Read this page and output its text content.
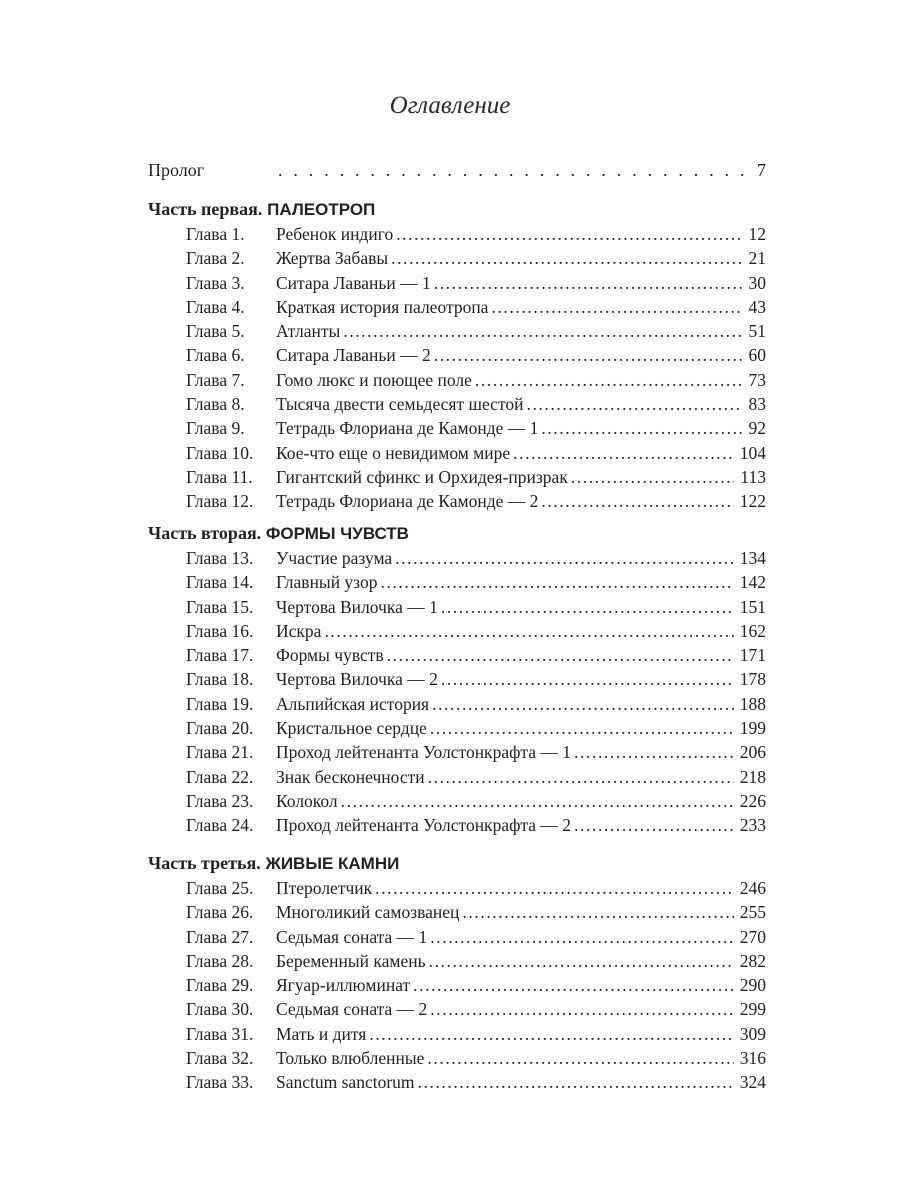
Оглавление
Пролог . . .	7
Часть первая. ПАЛЕОТРОП
Глава 1.	Ребенок индиго .....	12
Глава 2.	Жертва Забавы .....	21
Глава 3.	Ситара Лаваньи — 1 .....	30
Глава 4.	Краткая история палеотропа .....	43
Глава 5.	Атланты .....	51
Глава 6.	Ситара Лаваньи — 2 .....	60
Глава 7.	Гомо люкс и поющее поле .....	73
Глава 8.	Тысяча двести семьдесят шестой .....	83
Глава 9.	Тетрадь Флориана де Камонде — 1 .....	92
Глава 10.	Кое-что еще о невидимом мире .....	104
Глава 11.	Гигантский сфинкс и Орхидея-призрак .....	113
Глава 12.	Тетрадь Флориана де Камонде — 2 .....	122
Часть вторая. ФОРМЫ ЧУВСТВ
Глава 13.	Участие разума .....	134
Глава 14.	Главный узор .....	142
Глава 15.	Чертова Вилочка — 1 .....	151
Глава 16.	Искра .....	162
Глава 17.	Формы чувств .....	171
Глава 18.	Чертова Вилочка — 2 .....	178
Глава 19.	Альпийская история .....	188
Глава 20.	Кристальное сердце .....	199
Глава 21.	Проход лейтенанта Уолстонкрафта — 1 .....	206
Глава 22.	Знак бесконечности .....	218
Глава 23.	Колокол .....	226
Глава 24.	Проход лейтенанта Уолстонкрафта — 2 .....	233
Часть третья. ЖИВЫЕ КАМНИ
Глава 25.	Птеролетчик .....	246
Глава 26.	Многоликий самозванец .....	255
Глава 27.	Седьмая соната — 1 .....	270
Глава 28.	Беременный камень .....	282
Глава 29.	Ягуар-иллюминат .....	290
Глава 30.	Седьмая соната — 2 .....	299
Глава 31.	Мать и дитя .....	309
Глава 32.	Только влюбленные .....	316
Глава 33.	Sanctum sanctorum .....	324
